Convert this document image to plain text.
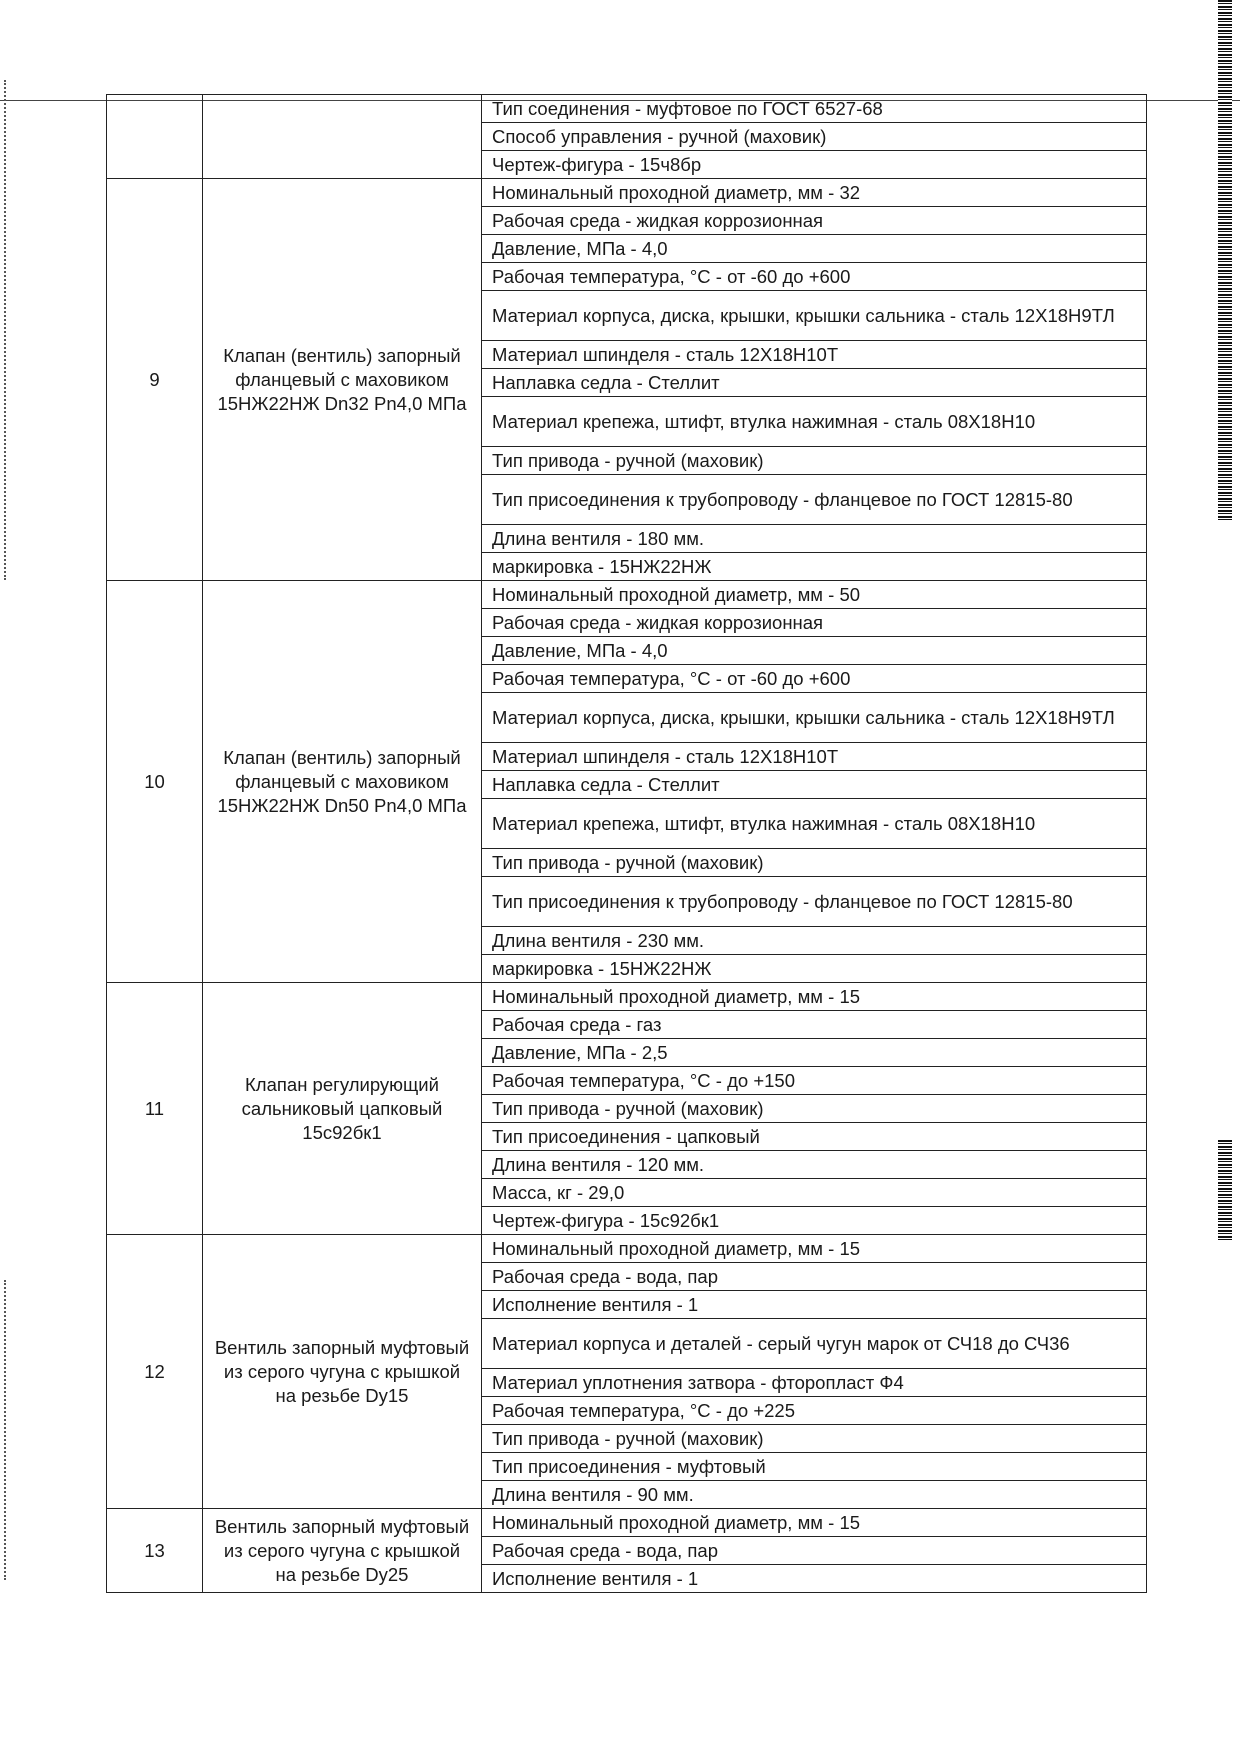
		Тип соединения - муфтовое по ГОСТ 6527-68
		Способ управления - ручной (маховик)
		Чертеж-фигура - 15ч8бр
9	Клапан (вентиль) запорный фланцевый с маховиком 15НЖ22НЖ Dn32 Pn4,0 МПа	Номинальный проходной диаметр, мм - 32
		Рабочая среда - жидкая коррозионная
		Давление, МПа - 4,0
		Рабочая температура, °С - от -60 до +600
		Материал корпуса, диска, крышки, крышки сальника - сталь 12Х18Н9ТЛ
		Материал шпинделя - сталь 12Х18Н10Т
		Наплавка седла - Стеллит
		Материал крепежа, штифт, втулка нажимная - сталь 08Х18Н10
		Тип привода - ручной (маховик)
		Тип присоединения к трубопроводу - фланцевое по ГОСТ 12815-80
		Длина вентиля - 180 мм.
		маркировка - 15НЖ22НЖ
10	Клапан (вентиль) запорный фланцевый с маховиком 15НЖ22НЖ Dn50 Pn4,0 МПа	Номинальный проходной диаметр, мм - 50
		Рабочая среда - жидкая коррозионная
		Давление, МПа - 4,0
		Рабочая температура, °С - от -60 до +600
		Материал корпуса, диска, крышки, крышки сальника - сталь 12Х18Н9ТЛ
		Материал шпинделя - сталь 12Х18Н10Т
		Наплавка седла - Стеллит
		Материал крепежа, штифт, втулка нажимная - сталь 08Х18Н10
		Тип привода - ручной (маховик)
		Тип присоединения к трубопроводу - фланцевое по ГОСТ 12815-80
		Длина вентиля - 230 мм.
		маркировка - 15НЖ22НЖ
11	Клапан регулирующий сальниковый цапковый 15с92бк1	Номинальный проходной диаметр, мм - 15
		Рабочая среда - газ
		Давление, МПа - 2,5
		Рабочая температура, °С - до +150
		Тип привода - ручной (маховик)
		Тип присоединения - цапковый
		Длина вентиля - 120 мм.
		Масса, кг - 29,0
		Чертеж-фигура - 15с92бк1
12	Вентиль запорный муфтовый из серого чугуна с крышкой на резьбе Dy15	Номинальный проходной диаметр, мм - 15
		Рабочая среда - вода, пар
		Исполнение вентиля - 1
		Материал корпуса и деталей - серый чугун марок от СЧ18 до СЧ36
		Материал уплотнения затвора - фторопласт Ф4
		Рабочая температура, °С - до +225
		Тип привода - ручной (маховик)
		Тип присоединения - муфтовый
		Длина вентиля - 90 мм.
13	Вентиль запорный муфтовый из серого чугуна с крышкой на резьбе Dy25	Номинальный проходной диаметр, мм - 15
		Рабочая среда - вода, пар
		Исполнение вентиля - 1
